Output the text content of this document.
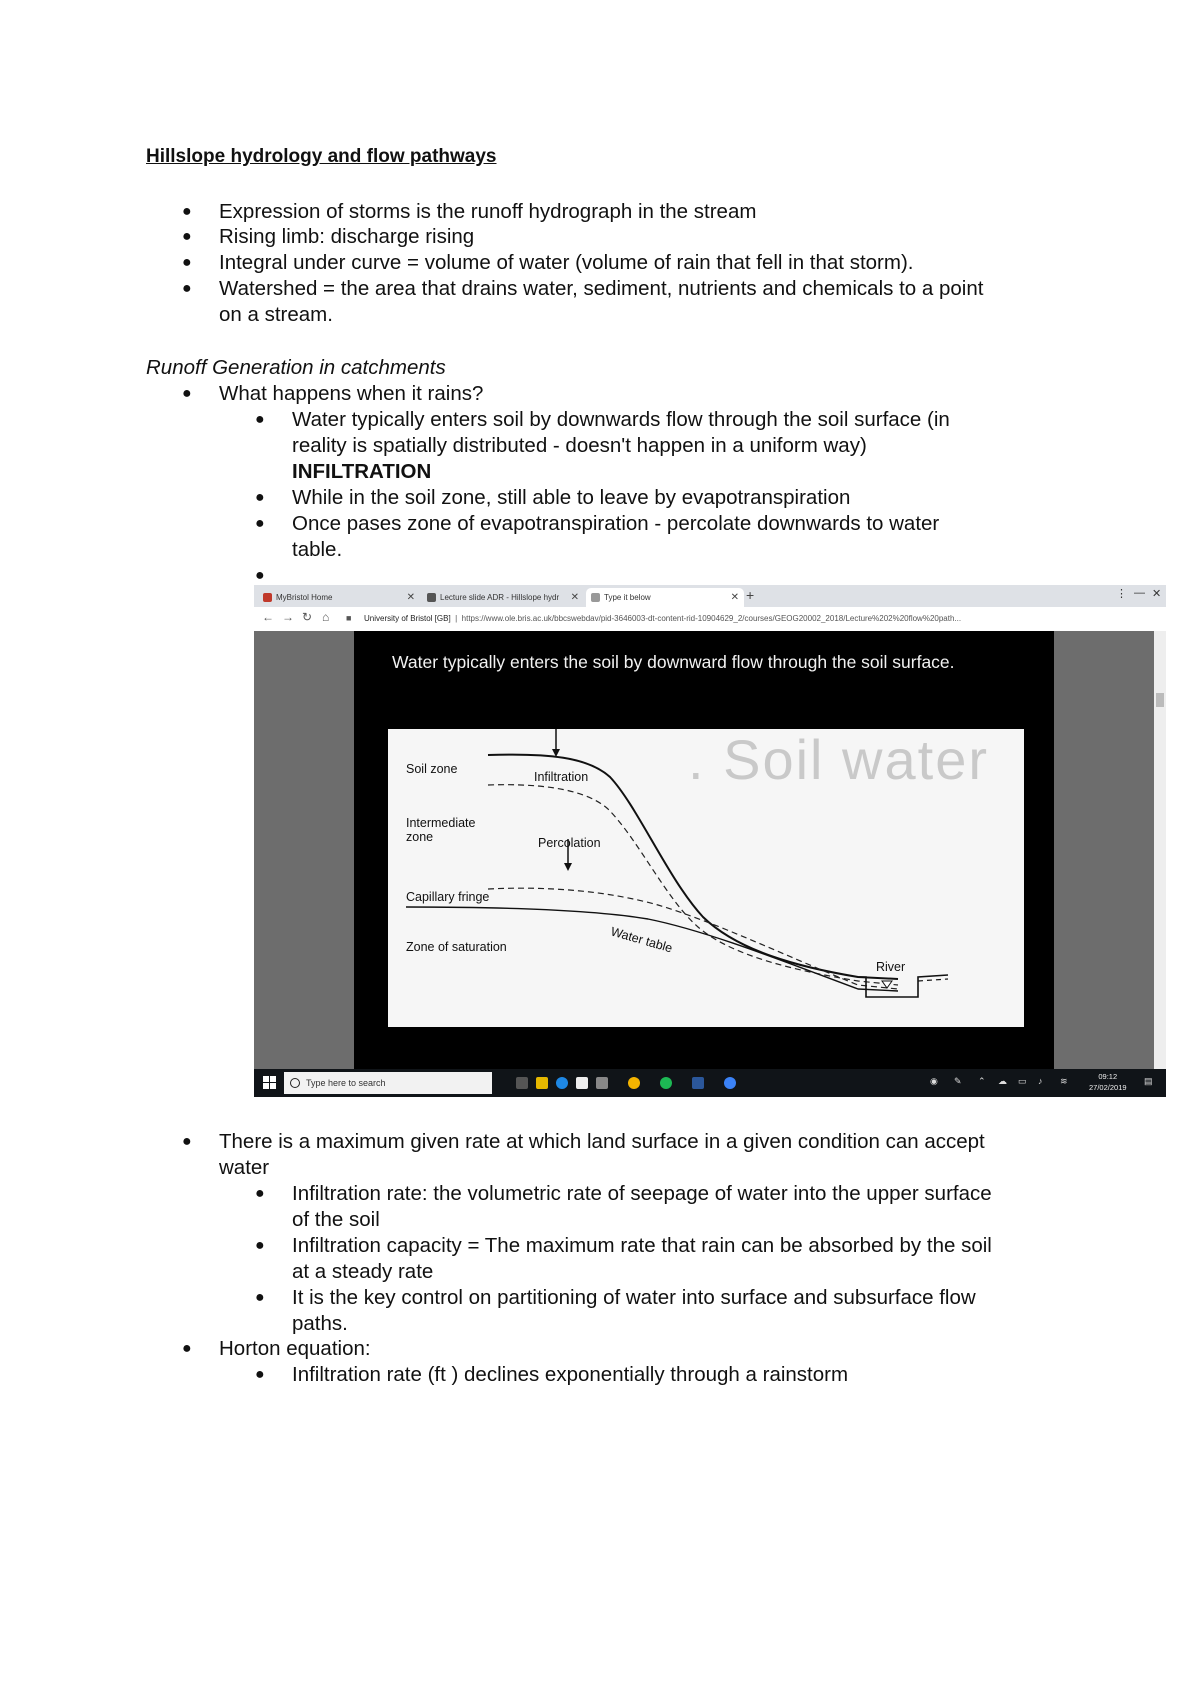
Hillslope hydrology and flow pathways
● Expression of storms is the runoff hydrograph in the stream
● Rising limb: discharge rising
● Integral under curve = volume of water (volume of rain that fell in that storm).
● Watershed = the area that drains water, sediment, nutrients and chemicals to a point
on a stream.
Runoff Generation in catchments
● What happens when it rains?
● Water typically enters soil by downwards flow through the soil surface (in
reality is spatially distributed - doesn't happen in a uniform way)
INFILTRATION
● While in the soil zone, still able to leave by evapotranspiration
● Once pases zone of evapotranspiration - percolate downwards to water
table.
●
MyBristol Home	✕	Lecture slide ADR - Hillslope hydr ✕	Type it below	✕ +	⋮ — ✕
← → ↻ ⌂ ■ University of Bristol [GB]  |  https://www.ole.bris.ac.uk/bbcswebdav/pid-3646003-dt-content-rid-10904629_2/courses/GEOG20002_2018/Lecture%202%20flow%20path...
Water typically enters the soil by downward flow through the soil surface.
. Soil water
Soil zone
Infiltration
Intermediate
zone	Percolation
Capillary fringe
Zone of saturation	Water table
River
Type here to search	◉ ✎ ⌃ ☁ ▭ ♪ ≋	09:12
27/02/2019
▤
● There is a maximum given rate at which land surface in a given condition can accept
water
● Infiltration rate: the volumetric rate of seepage of water into the upper surface
of the soil
● Infiltration capacity = The maximum rate that rain can be absorbed by the soil
at a steady rate
● It is the key control on partitioning of water into surface and subsurface flow
paths.
● Horton equation:
● Infiltration rate (ft ) declines exponentially through a rainstorm
